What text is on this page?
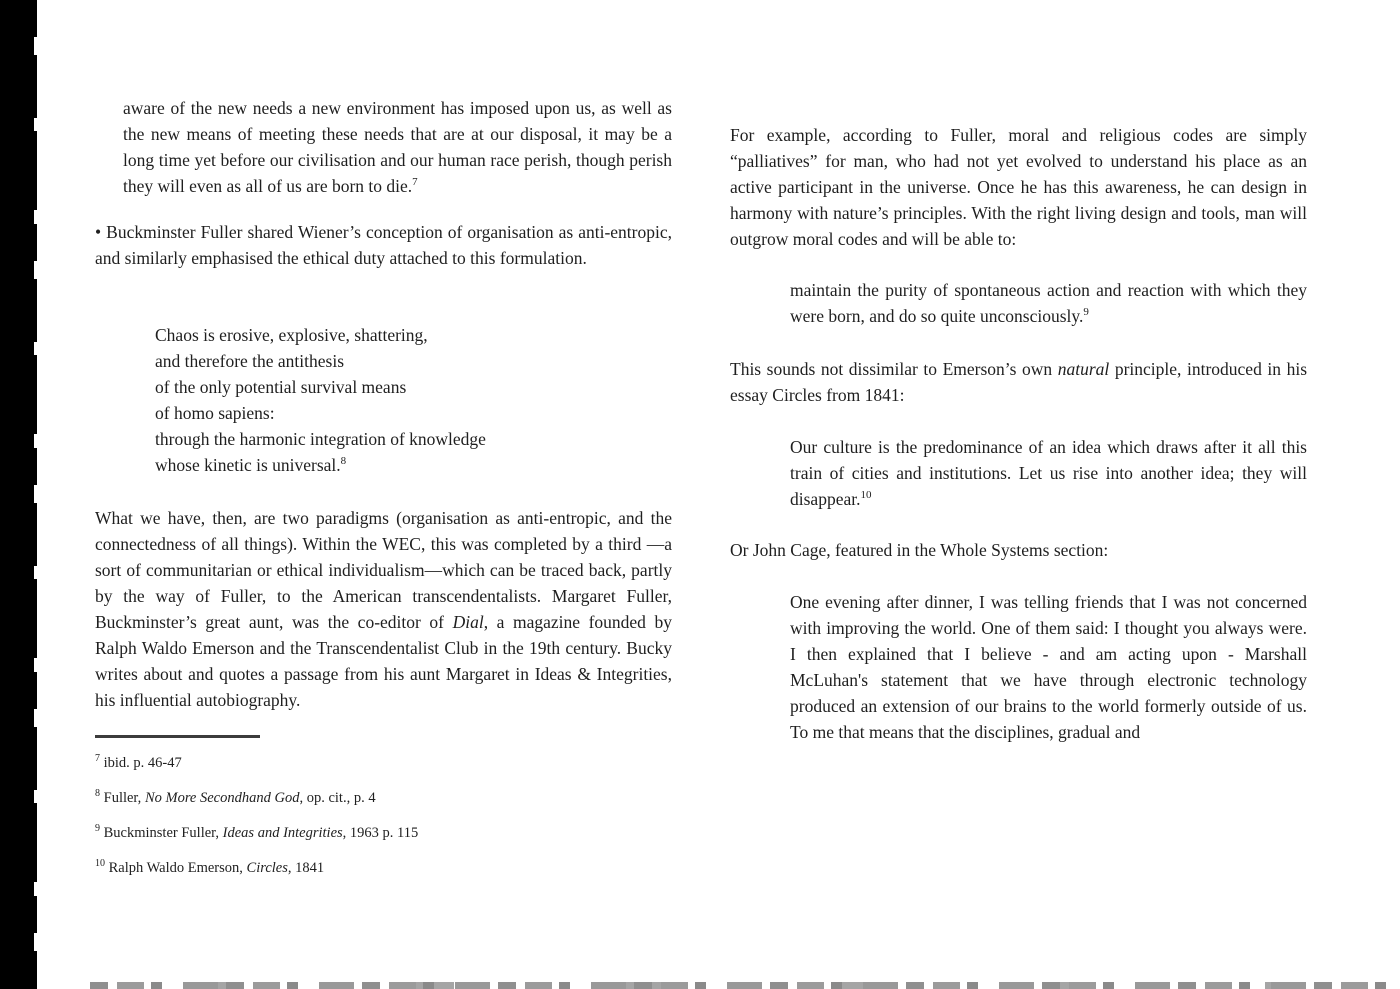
aware of the new needs a new environment has imposed upon us, as well as the new means of meeting these needs that are at our disposal, it may be a long time yet before our civilisation and our human race perish, though perish they will even as all of us are born to die.$^7$

• Buckminster Fuller shared Wiener’s conception of organisation as anti-entropic, and similarly emphasised the ethical duty attached to this formulation.

Chaos is erosive, explosive, shattering,
and therefore the antithesis
of the only potential survival means
of homo sapiens:
through the harmonic integration of knowledge
whose kinetic is universal.$^8$

What we have, then, are two paradigms (organisation as anti-entropic, and the connectedness of all things). Within the WEC, this was completed by a third —a sort of communitarian or ethical individualism—which can be traced back, partly by the way of Fuller, to the American transcendentalists. Margaret Fuller, Buckminster’s great aunt, was the co-editor of Dial, a magazine founded by Ralph Waldo Emerson and the Transcendentalist Club in the 19th century. Bucky writes about and quotes a passage from his aunt Margaret in Ideas & Integrities, his influential autobiography.

$^7$ ibid. p. 46-47
$^8$ Fuller, No More Secondhand God, op. cit., p. 4
$^9$ Buckminster Fuller, Ideas and Integrities, 1963 p. 115
$^{10}$ Ralph Waldo Emerson, Circles, 1841

For example, according to Fuller, moral and religious codes are simply “palliatives” for man, who had not yet evolved to understand his place as an active participant in the universe. Once he has this awareness, he can design in harmony with nature’s principles. With the right living design and tools, man will outgrow moral codes and will be able to:

maintain the purity of spontaneous action and reaction with which they were born, and do so quite unconsciously.$^9$

This sounds not dissimilar to Emerson’s own natural principle, introduced in his essay Circles from 1841:

Our culture is the predominance of an idea which draws after it all this train of cities and institutions. Let us rise into another idea; they will disappear.$^{10}$

Or John Cage, featured in the Whole Systems section:

One evening after dinner, I was telling friends that I was not concerned with improving the world. One of them said: I thought you always were. I then explained that I believe - and am acting upon - Marshall McLuhan's statement that we have through electronic technology produced an extension of our brains to the world formerly outside of us. To me that means that the disciplines, gradual and
